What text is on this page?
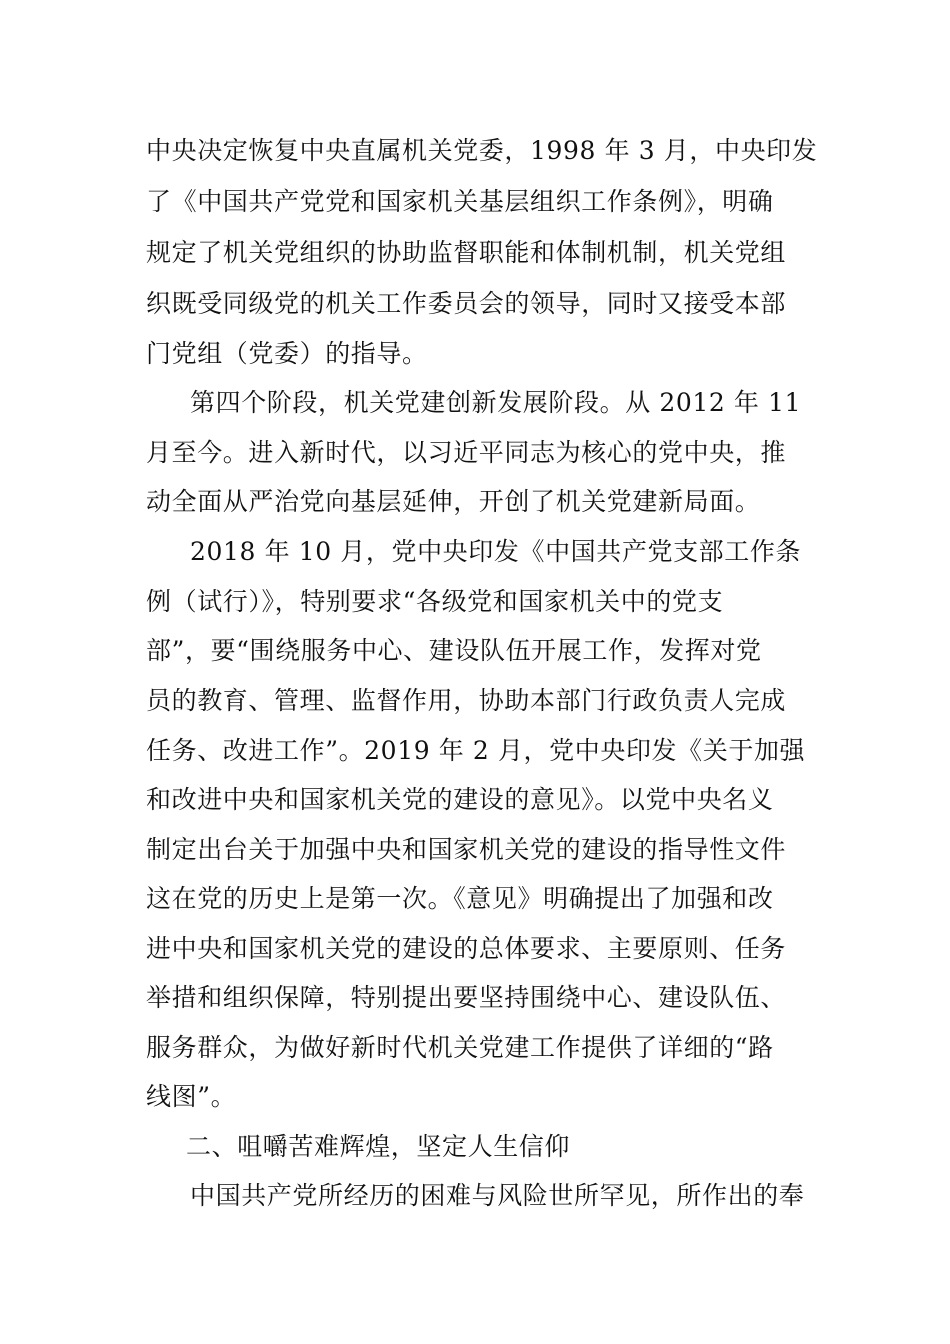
中央决定恢复中央直属机关党委，1998 年 3 月，中央印发
了《中国共产党党和国家机关基层组织工作条例》，明确
规定了机关党组织的协助监督职能和体制机制，机关党组
织既受同级党的机关工作委员会的领导，同时又接受本部
门党组（党委）的指导。
第四个阶段，机关党建创新发展阶段。从 2012 年 11
月至今。进入新时代，以习近平同志为核心的党中央，推
动全面从严治党向基层延伸，开创了机关党建新局面。
2018 年 10 月，党中央印发《中国共产党支部工作条
例（试行）》，特别要求“各级党和国家机关中的党支
部”，要“围绕服务中心、建设队伍开展工作，发挥对党
员的教育、管理、监督作用，协助本部门行政负责人完成
任务、改进工作”。2019 年 2 月，党中央印发《关于加强
和改进中央和国家机关党的建设的意见》。以党中央名义
制定出台关于加强中央和国家机关党的建设的指导性文件
这在党的历史上是第一次。《意见》明确提出了加强和改
进中央和国家机关党的建设的总体要求、主要原则、任务
举措和组织保障，特别提出要坚持围绕中心、建设队伍、
服务群众，为做好新时代机关党建工作提供了详细的“路
线图”。
二、咀嚼苦难辉煌，坚定人生信仰
中国共产党所经历的困难与风险世所罕见，所作出的奉
